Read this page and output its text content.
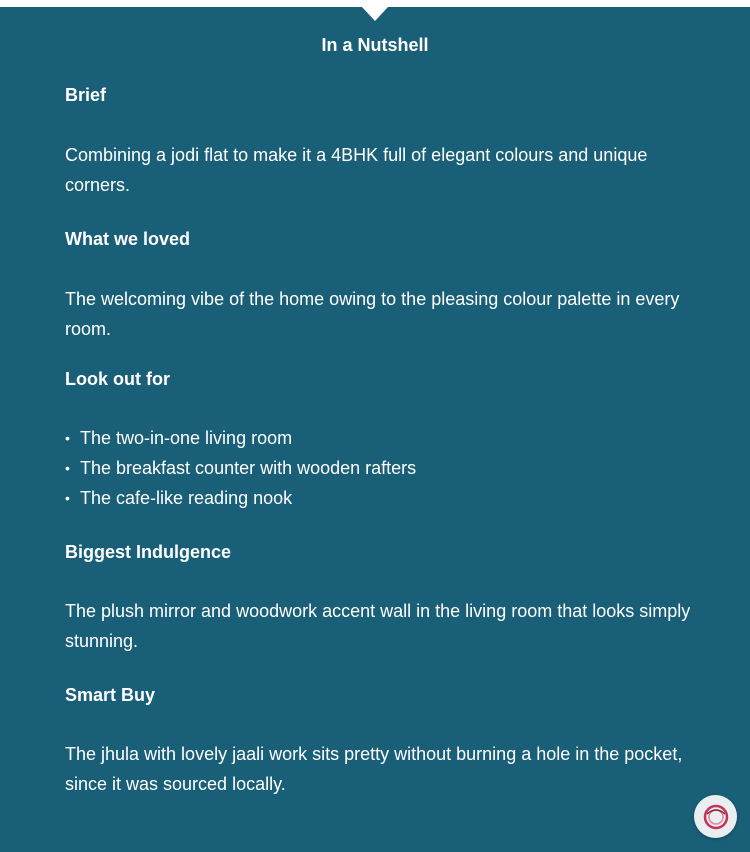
In a Nutshell

Brief

Combining a jodi flat to make it a 4BHK full of elegant colours and unique corners.

What we loved

The welcoming vibe of the home owing to the pleasing colour palette in every room.

Look out for

• The two-in-one living room
• The breakfast counter with wooden rafters
• The cafe-like reading nook

Biggest Indulgence

The plush mirror and woodwork accent wall in the living room that looks simply stunning.

Smart Buy

The jhula with lovely jaali work sits pretty without burning a hole in the pocket, since it was sourced locally.
